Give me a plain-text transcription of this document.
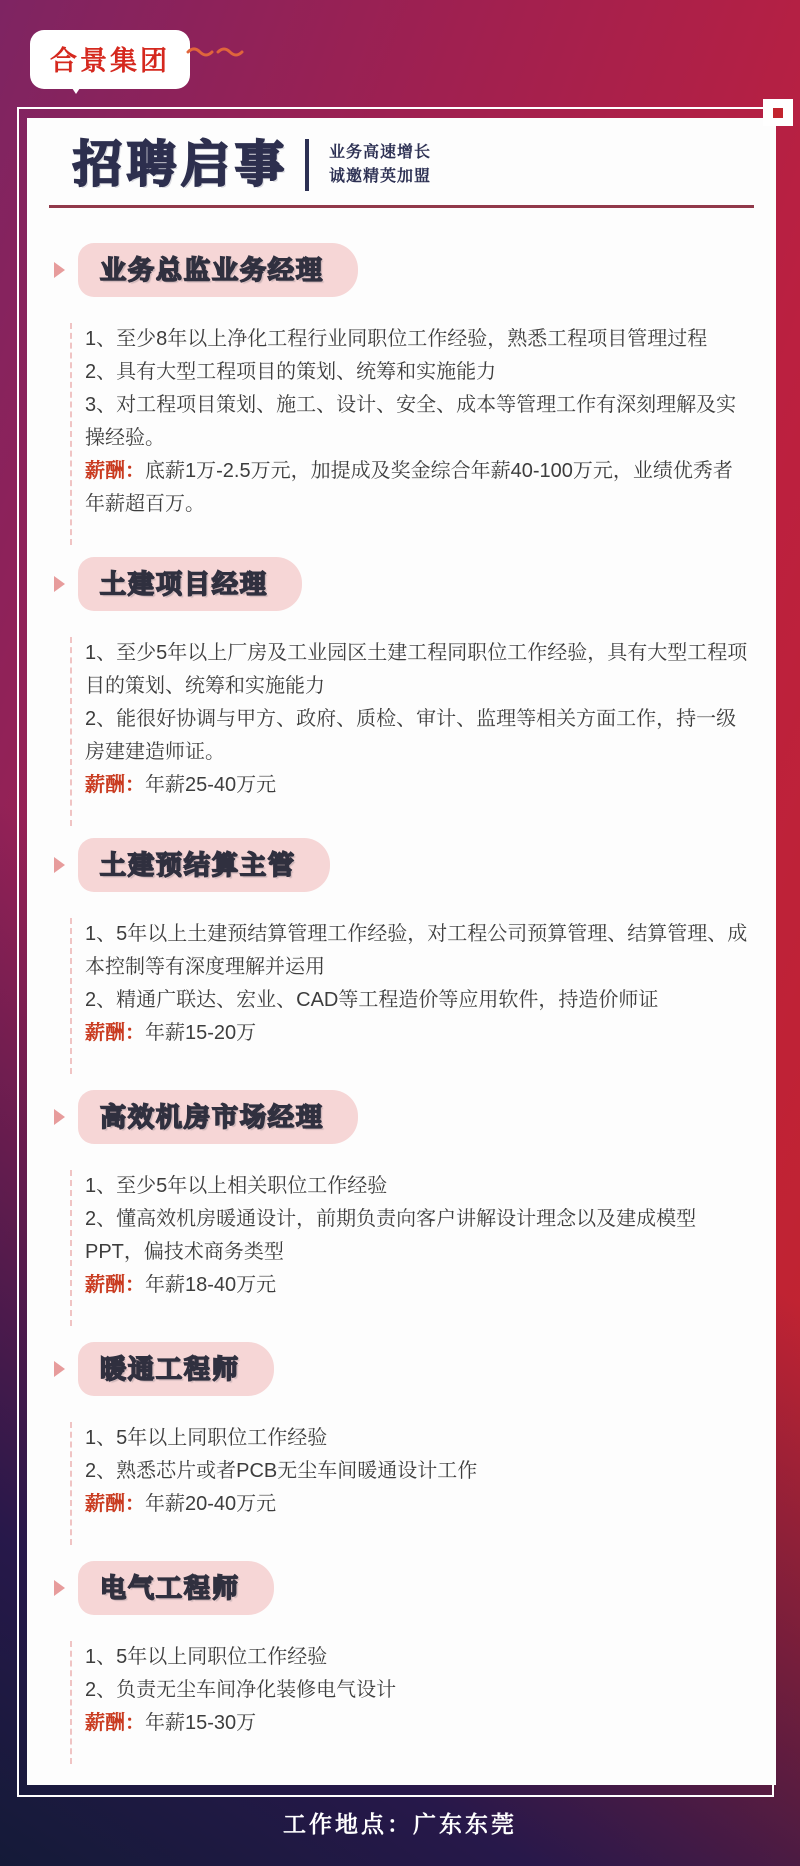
合景集团
招聘启事	业务高速增长
诚邀精英加盟
业务总监业务经理
1、至少8年以上净化工程行业同职位工作经验，熟悉工程项目管理过程
2、具有大型工程项目的策划、统筹和实施能力
3、对工程项目策划、施工、设计、安全、成本等管理工作有深刻理解及实操经验。
薪酬：底薪1万-2.5万元，加提成及奖金综合年薪40-100万元，业绩优秀者年薪超百万。
土建项目经理
1、至少5年以上厂房及工业园区土建工程同职位工作经验，具有大型工程项目的策划、统筹和实施能力
2、能很好协调与甲方、政府、质检、审计、监理等相关方面工作，持一级房建建造师证。
薪酬：年薪25-40万元
土建预结算主管
1、5年以上土建预结算管理工作经验，对工程公司预算管理、结算管理、成本控制等有深度理解并运用
2、精通广联达、宏业、CAD等工程造价等应用软件，持造价师证
薪酬：年薪15-20万
高效机房市场经理
1、至少5年以上相关职位工作经验
2、懂高效机房暖通设计，前期负责向客户讲解设计理念以及建成模型PPT，偏技术商务类型
薪酬：年薪18-40万元
暖通工程师
1、5年以上同职位工作经验
2、熟悉芯片或者PCB无尘车间暖通设计工作
薪酬：年薪20-40万元
电气工程师
1、5年以上同职位工作经验
2、负责无尘车间净化装修电气设计
薪酬：年薪15-30万
工作地点：广东东莞
